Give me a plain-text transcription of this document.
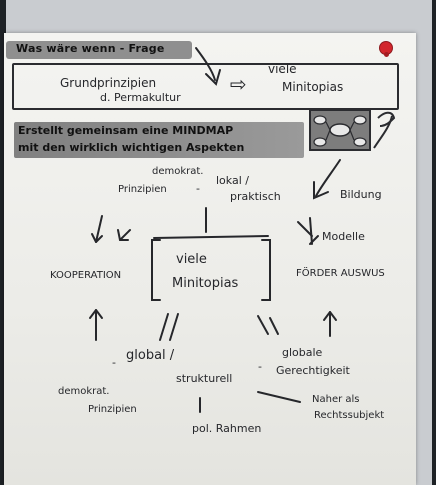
Was wäre wenn - Frage
Grundprinzipien
d. Permakultur
⇨
viele
Minitopias
Erstellt gemeinsam eine MINDMAP
mit den wirklich wichtigen Aspekten
viele
Minitopias
demokrat.
Prinzipien	-
lokal /
praktisch	Bildung
Modelle
FÖRDER AUSWUS
KOOPERATION
global /
strukturell
-
globale
Gerechtigkeit
demokrat.
Prinzipien
-
pol. Rahmen
Naher als
Rechtssubjekt
